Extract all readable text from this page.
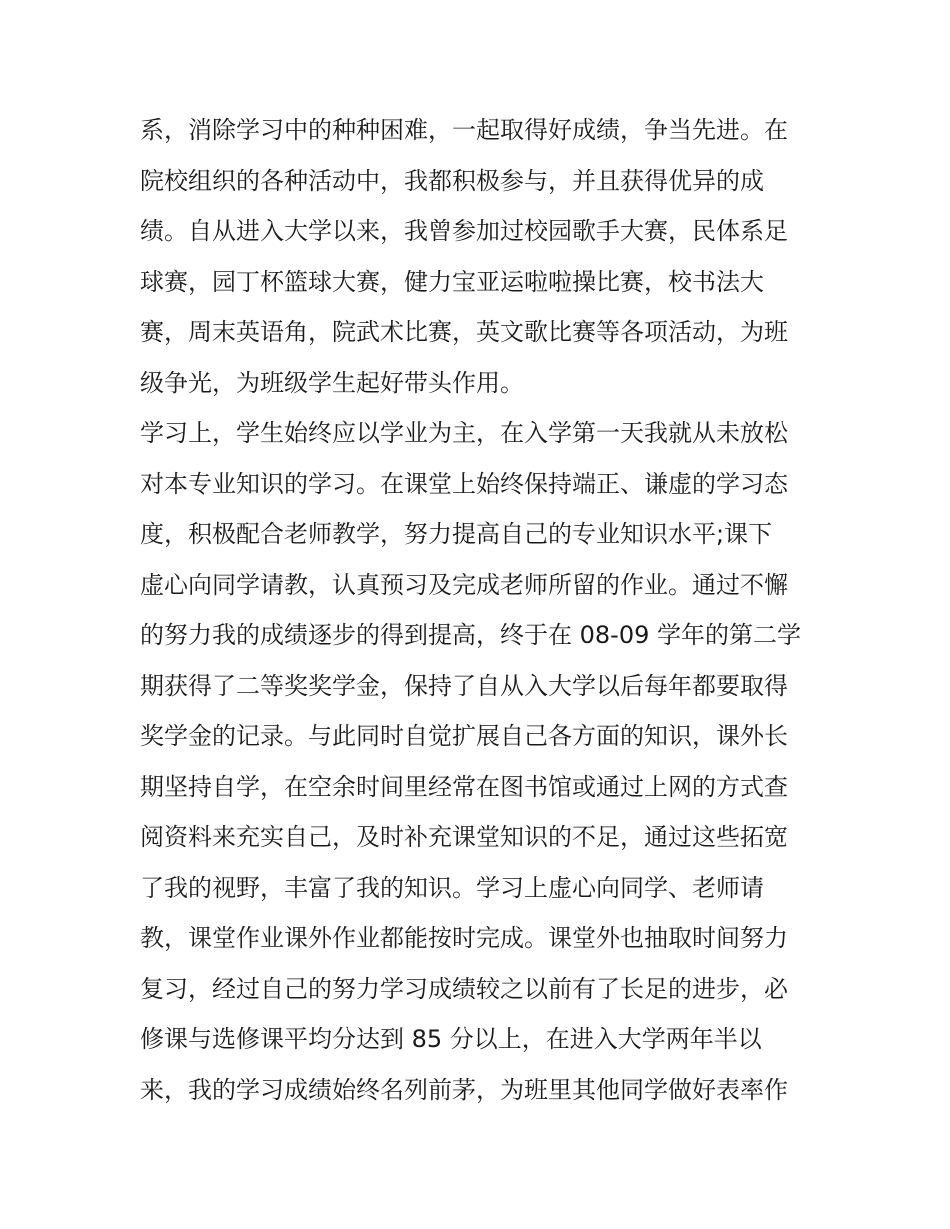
系，消除学习中的种种困难，一起取得好成绩，争当先进。在
院校组织的各种活动中，我都积极参与，并且获得优异的成
绩。自从进入大学以来，我曾参加过校园歌手大赛，民体系足
球赛，园丁杯篮球大赛，健力宝亚运啦啦操比赛，校书法大
赛，周末英语角，院武术比赛，英文歌比赛等各项活动，为班
级争光，为班级学生起好带头作用。
学习上，学生始终应以学业为主，在入学第一天我就从未放松
对本专业知识的学习。在课堂上始终保持端正、谦虚的学习态
度，积极配合老师教学，努力提高自己的专业知识水平;课下
虚心向同学请教，认真预习及完成老师所留的作业。通过不懈
的努力我的成绩逐步的得到提高，终于在 08-09 学年的第二学
期获得了二等奖奖学金，保持了自从入大学以后每年都要取得
奖学金的记录。与此同时自觉扩展自己各方面的知识，课外长
期坚持自学，在空余时间里经常在图书馆或通过上网的方式查
阅资料来充实自己，及时补充课堂知识的不足，通过这些拓宽
了我的视野，丰富了我的知识。学习上虚心向同学、老师请
教，课堂作业课外作业都能按时完成。课堂外也抽取时间努力
复习，经过自己的努力学习成绩较之以前有了长足的进步，必
修课与选修课平均分达到 85 分以上，在进入大学两年半以
来，我的学习成绩始终名列前茅，为班里其他同学做好表率作
